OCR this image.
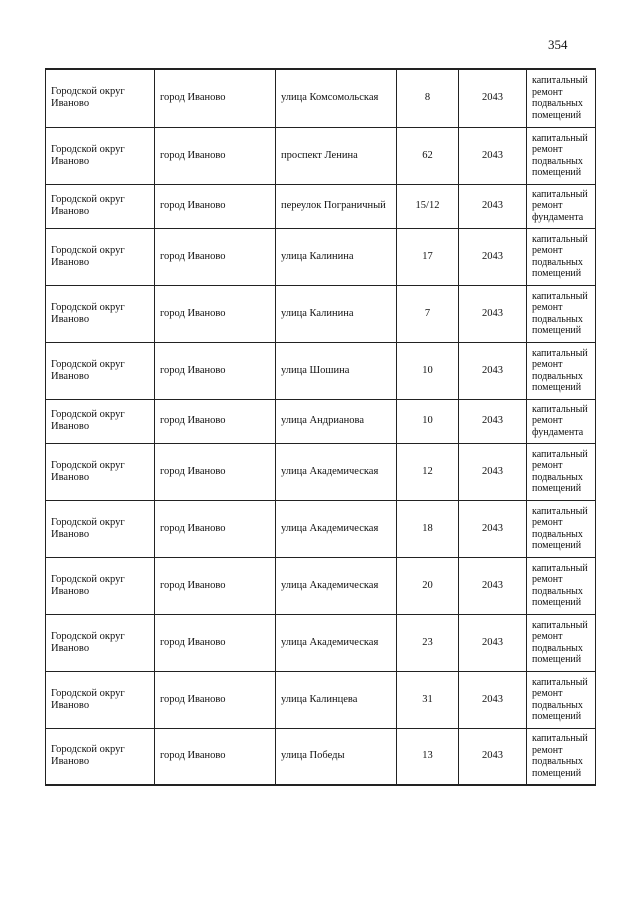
354
Городской округ Иваново	город Иваново	улица Комсомольская	8	2043	капитальный ремонт подвальных помещений
Городской округ Иваново	город Иваново	проспект Ленина	62	2043	капитальный ремонт подвальных помещений
Городской округ Иваново	город Иваново	переулок Пограничный	15/12	2043	капитальный ремонт фундамента
Городской округ Иваново	город Иваново	улица Калинина	17	2043	капитальный ремонт подвальных помещений
Городской округ Иваново	город Иваново	улица Калинина	7	2043	капитальный ремонт подвальных помещений
Городской округ Иваново	город Иваново	улица Шошина	10	2043	капитальный ремонт подвальных помещений
Городской округ Иваново	город Иваново	улица Андрианова	10	2043	капитальный ремонт фундамента
Городской округ Иваново	город Иваново	улица Академическая	12	2043	капитальный ремонт подвальных помещений
Городской округ Иваново	город Иваново	улица Академическая	18	2043	капитальный ремонт подвальных помещений
Городской округ Иваново	город Иваново	улица Академическая	20	2043	капитальный ремонт подвальных помещений
Городской округ Иваново	город Иваново	улица Академическая	23	2043	капитальный ремонт подвальных помещений
Городской округ Иваново	город Иваново	улица Калинцева	31	2043	капитальный ремонт подвальных помещений
Городской округ Иваново	город Иваново	улица Победы	13	2043	капитальный ремонт подвальных помещений
